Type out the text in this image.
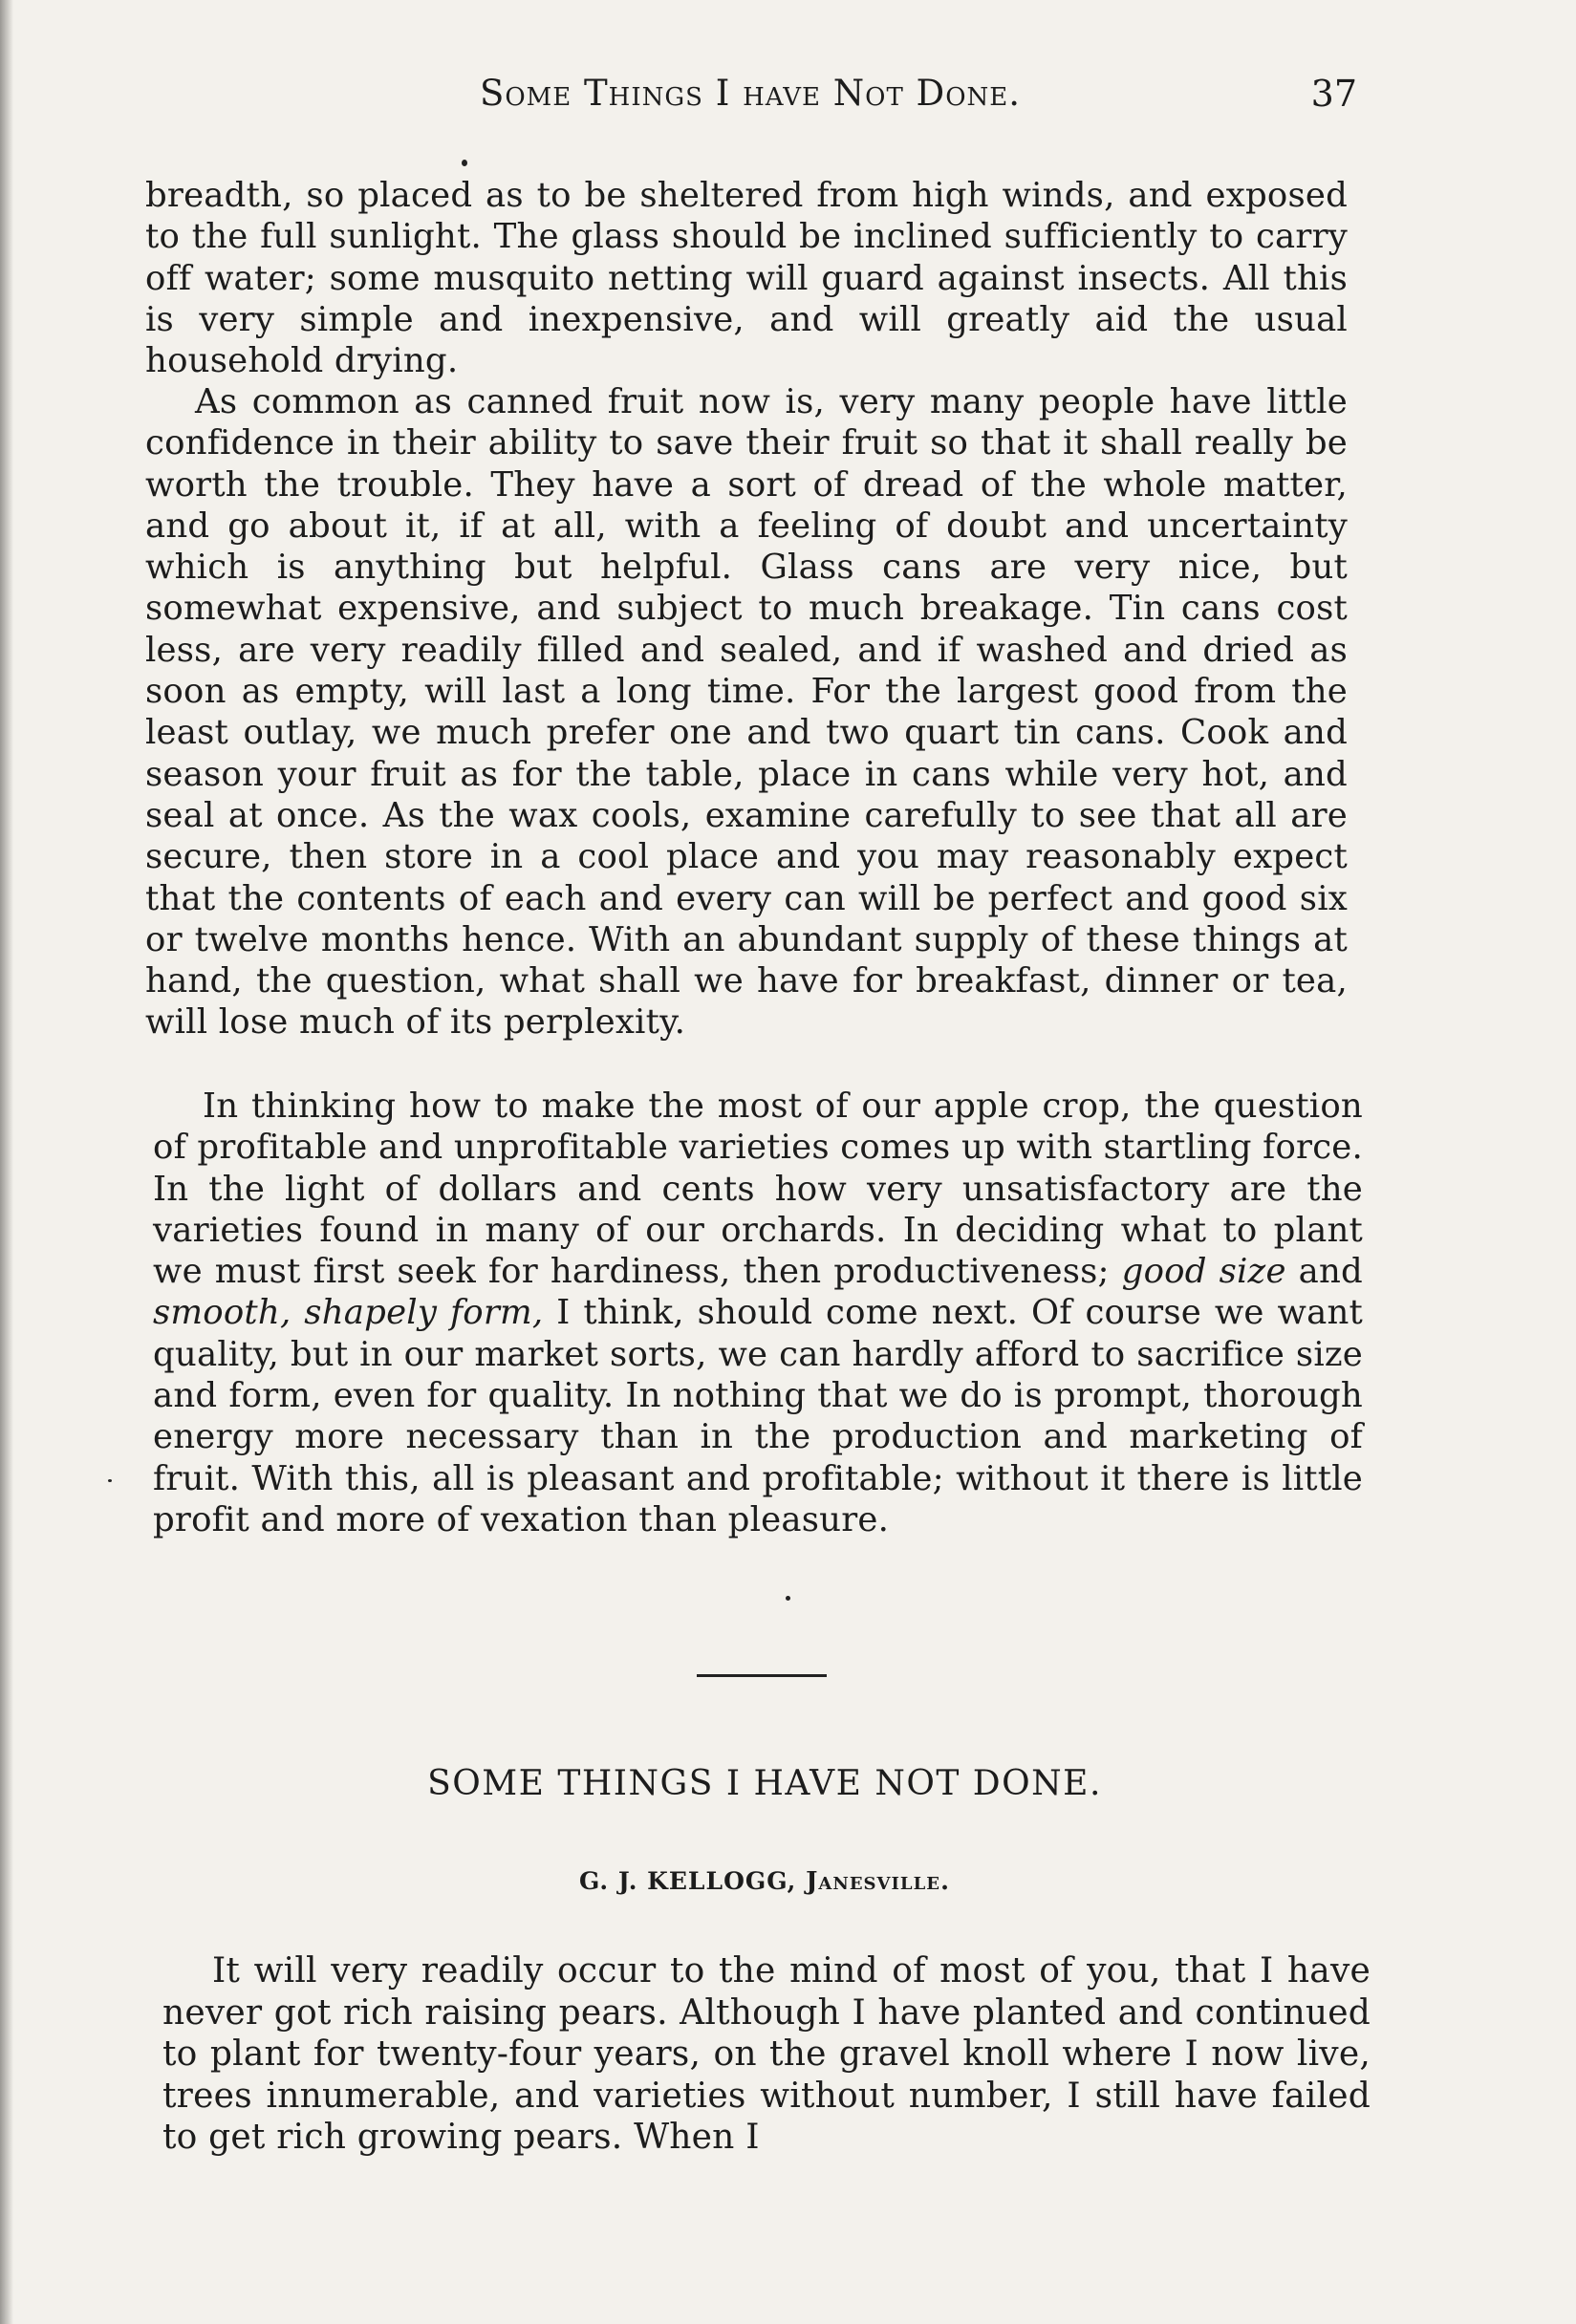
Some Things I have Not Done.	37

breadth, so placed as to be sheltered from high winds, and exposed to the full sunlight. The glass should be inclined sufficiently to carry off water; some musquito netting will guard against insects. All this is very simple and inexpensive, and will greatly aid the usual household drying.

As common as canned fruit now is, very many people have little confidence in their ability to save their fruit so that it shall really be worth the trouble. They have a sort of dread of the whole matter, and go about it, if at all, with a feeling of doubt and uncertainty which is anything but helpful. Glass cans are very nice, but somewhat expensive, and subject to much breakage. Tin cans cost less, are very readily filled and sealed, and if washed and dried as soon as empty, will last a long time. For the largest good from the least outlay, we much prefer one and two quart tin cans. Cook and season your fruit as for the table, place in cans while very hot, and seal at once. As the wax cools, examine carefully to see that all are secure, then store in a cool place and you may reasonably expect that the contents of each and every can will be perfect and good six or twelve months hence. With an abundant supply of these things at hand, the question, what shall we have for breakfast, dinner or tea, will lose much of its perplexity.

In thinking how to make the most of our apple crop, the question of profitable and unprofitable varieties comes up with startling force. In the light of dollars and cents how very unsatisfactory are the varieties found in many of our orchards. In deciding what to plant we must first seek for hardiness, then productiveness; good size and smooth, shapely form, I think, should come next. Of course we want quality, but in our market sorts, we can hardly afford to sacrifice size and form, even for quality. In nothing that we do is prompt, thorough energy more necessary than in the production and marketing of fruit. With this, all is pleasant and profitable; without it there is little profit and more of vexation than pleasure.

SOME THINGS I HAVE NOT DONE.

G. J. KELLOGG, Janesville.

It will very readily occur to the mind of most of you, that I have never got rich raising pears. Although I have planted and continued to plant for twenty-four years, on the gravel knoll where I now live, trees innumerable, and varieties without number, I still have failed to get rich growing pears. When I
